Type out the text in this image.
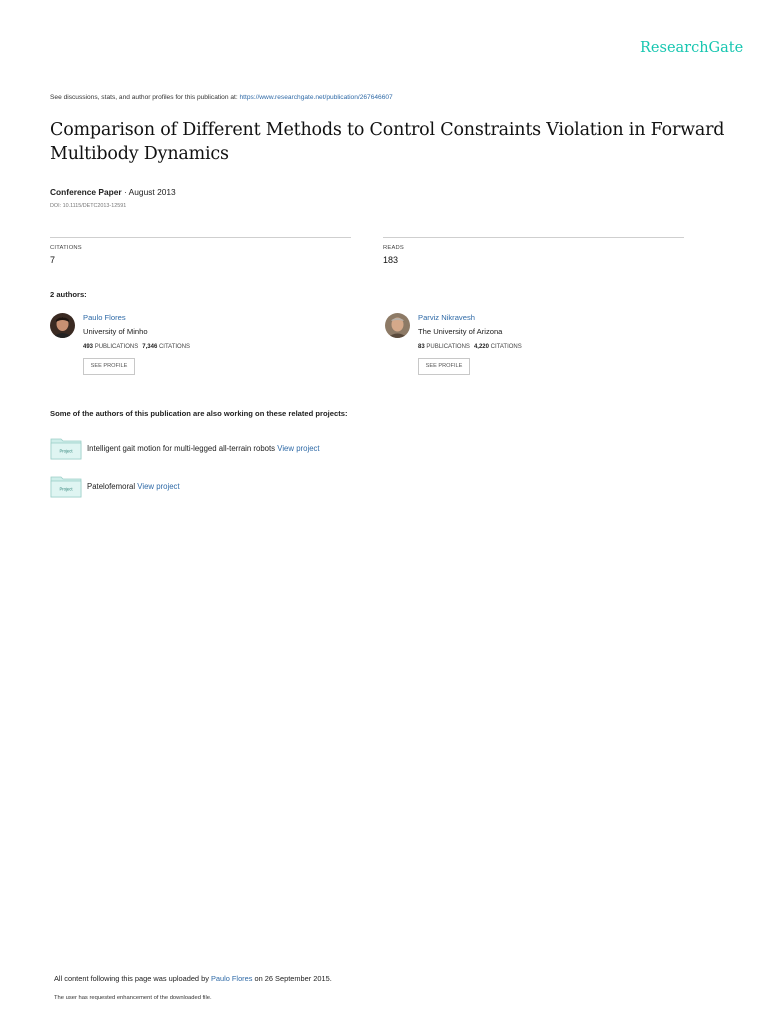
ResearchGate
See discussions, stats, and author profiles for this publication at: https://www.researchgate.net/publication/267646607
Comparison of Different Methods to Control Constraints Violation in Forward Multibody Dynamics
Conference Paper · August 2013
DOI: 10.1115/DETC2013-12591
CITATIONS
7
READS
183
2 authors:
Paulo Flores
University of Minho
493 PUBLICATIONS 7,346 CITATIONS
SEE PROFILE
Parviz Nikravesh
The University of Arizona
83 PUBLICATIONS 4,220 CITATIONS
SEE PROFILE
Some of the authors of this publication are also working on these related projects:
Project Intelligent gait motion for multi-legged all-terrain robots View project
Project Patelofemoral View project
All content following this page was uploaded by Paulo Flores on 26 September 2015.
The user has requested enhancement of the downloaded file.
